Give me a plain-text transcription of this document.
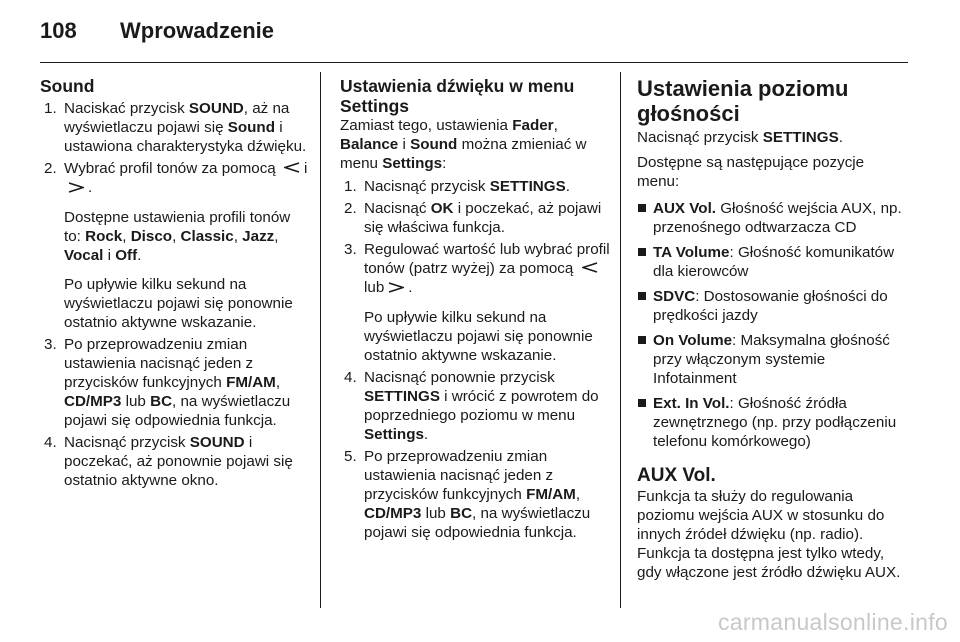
108	Wprowadzenie
Sound
1. Naciskać przycisk SOUND, aż na wyświetlaczu pojawi się Sound i ustawiona charakterystyka dźwięku.
2. Wybrać profil tonów za pomocą i.

Dostępne ustawienia profili tonów to: Rock, Disco, Classic, Jazz, Vocal i Off.

Po upływie kilku sekund na wyświetlaczu pojawi się ponownie ostatnio aktywne wskazanie.

3. Po przeprowadzeniu zmian ustawienia nacisnąć jeden z przycisków funkcyjnych FM/AM, CD/MP3 lub BC, na wyświetlaczu pojawi się odpowiednia funkcja.
4. Nacisnąć przycisk SOUND i poczekać, aż ponownie pojawi się ostatnio aktywne okno.
Ustawienia dźwięku w menu Settings

Zamiast tego, ustawienia Fader, Balance i Sound można zmieniać w menu Settings:

1. Nacisnąć przycisk SETTINGS.
2. Nacisnąć OK i poczekać, aż pojawi się właściwa funkcja.
3. Regulować wartość lub wybrać profil tonów (patrz wyżej) za pomocą lub .

Po upływie kilku sekund na wyświetlaczu pojawi się ponownie ostatnio aktywne wskazanie.

4. Nacisnąć ponownie przycisk SETTINGS i wrócić z powrotem do poprzedniego poziomu w menu Settings.
5. Po przeprowadzeniu zmian ustawienia nacisnąć jeden z przycisków funkcyjnych FM/AM, CD/MP3 lub BC, na wyświetlaczu pojawi się odpowiednia funkcja.
Ustawienia poziomu głośności

Nacisnąć przycisk SETTINGS.

Dostępne są następujące pozycje menu:

AUX Vol. Głośność wejścia AUX, np. przenośnego odtwarzacza CD
TA Volume: Głośność komunikatów dla kierowców
SDVC: Dostosowanie głośności do prędkości jazdy
On Volume: Maksymalna głośność przy włączonym systemie Infotainment
Ext. In Vol.: Głośność źródła zewnętrznego (np. przy podłączeniu telefonu komórkowego)
AUX Vol.

Funkcja ta służy do regulowania poziomu wejścia AUX w stosunku do innych źródeł dźwięku (np. radio). Funkcja ta dostępna jest tylko wtedy, gdy włączone jest źródło dźwięku AUX.

carmanualsonline.info
